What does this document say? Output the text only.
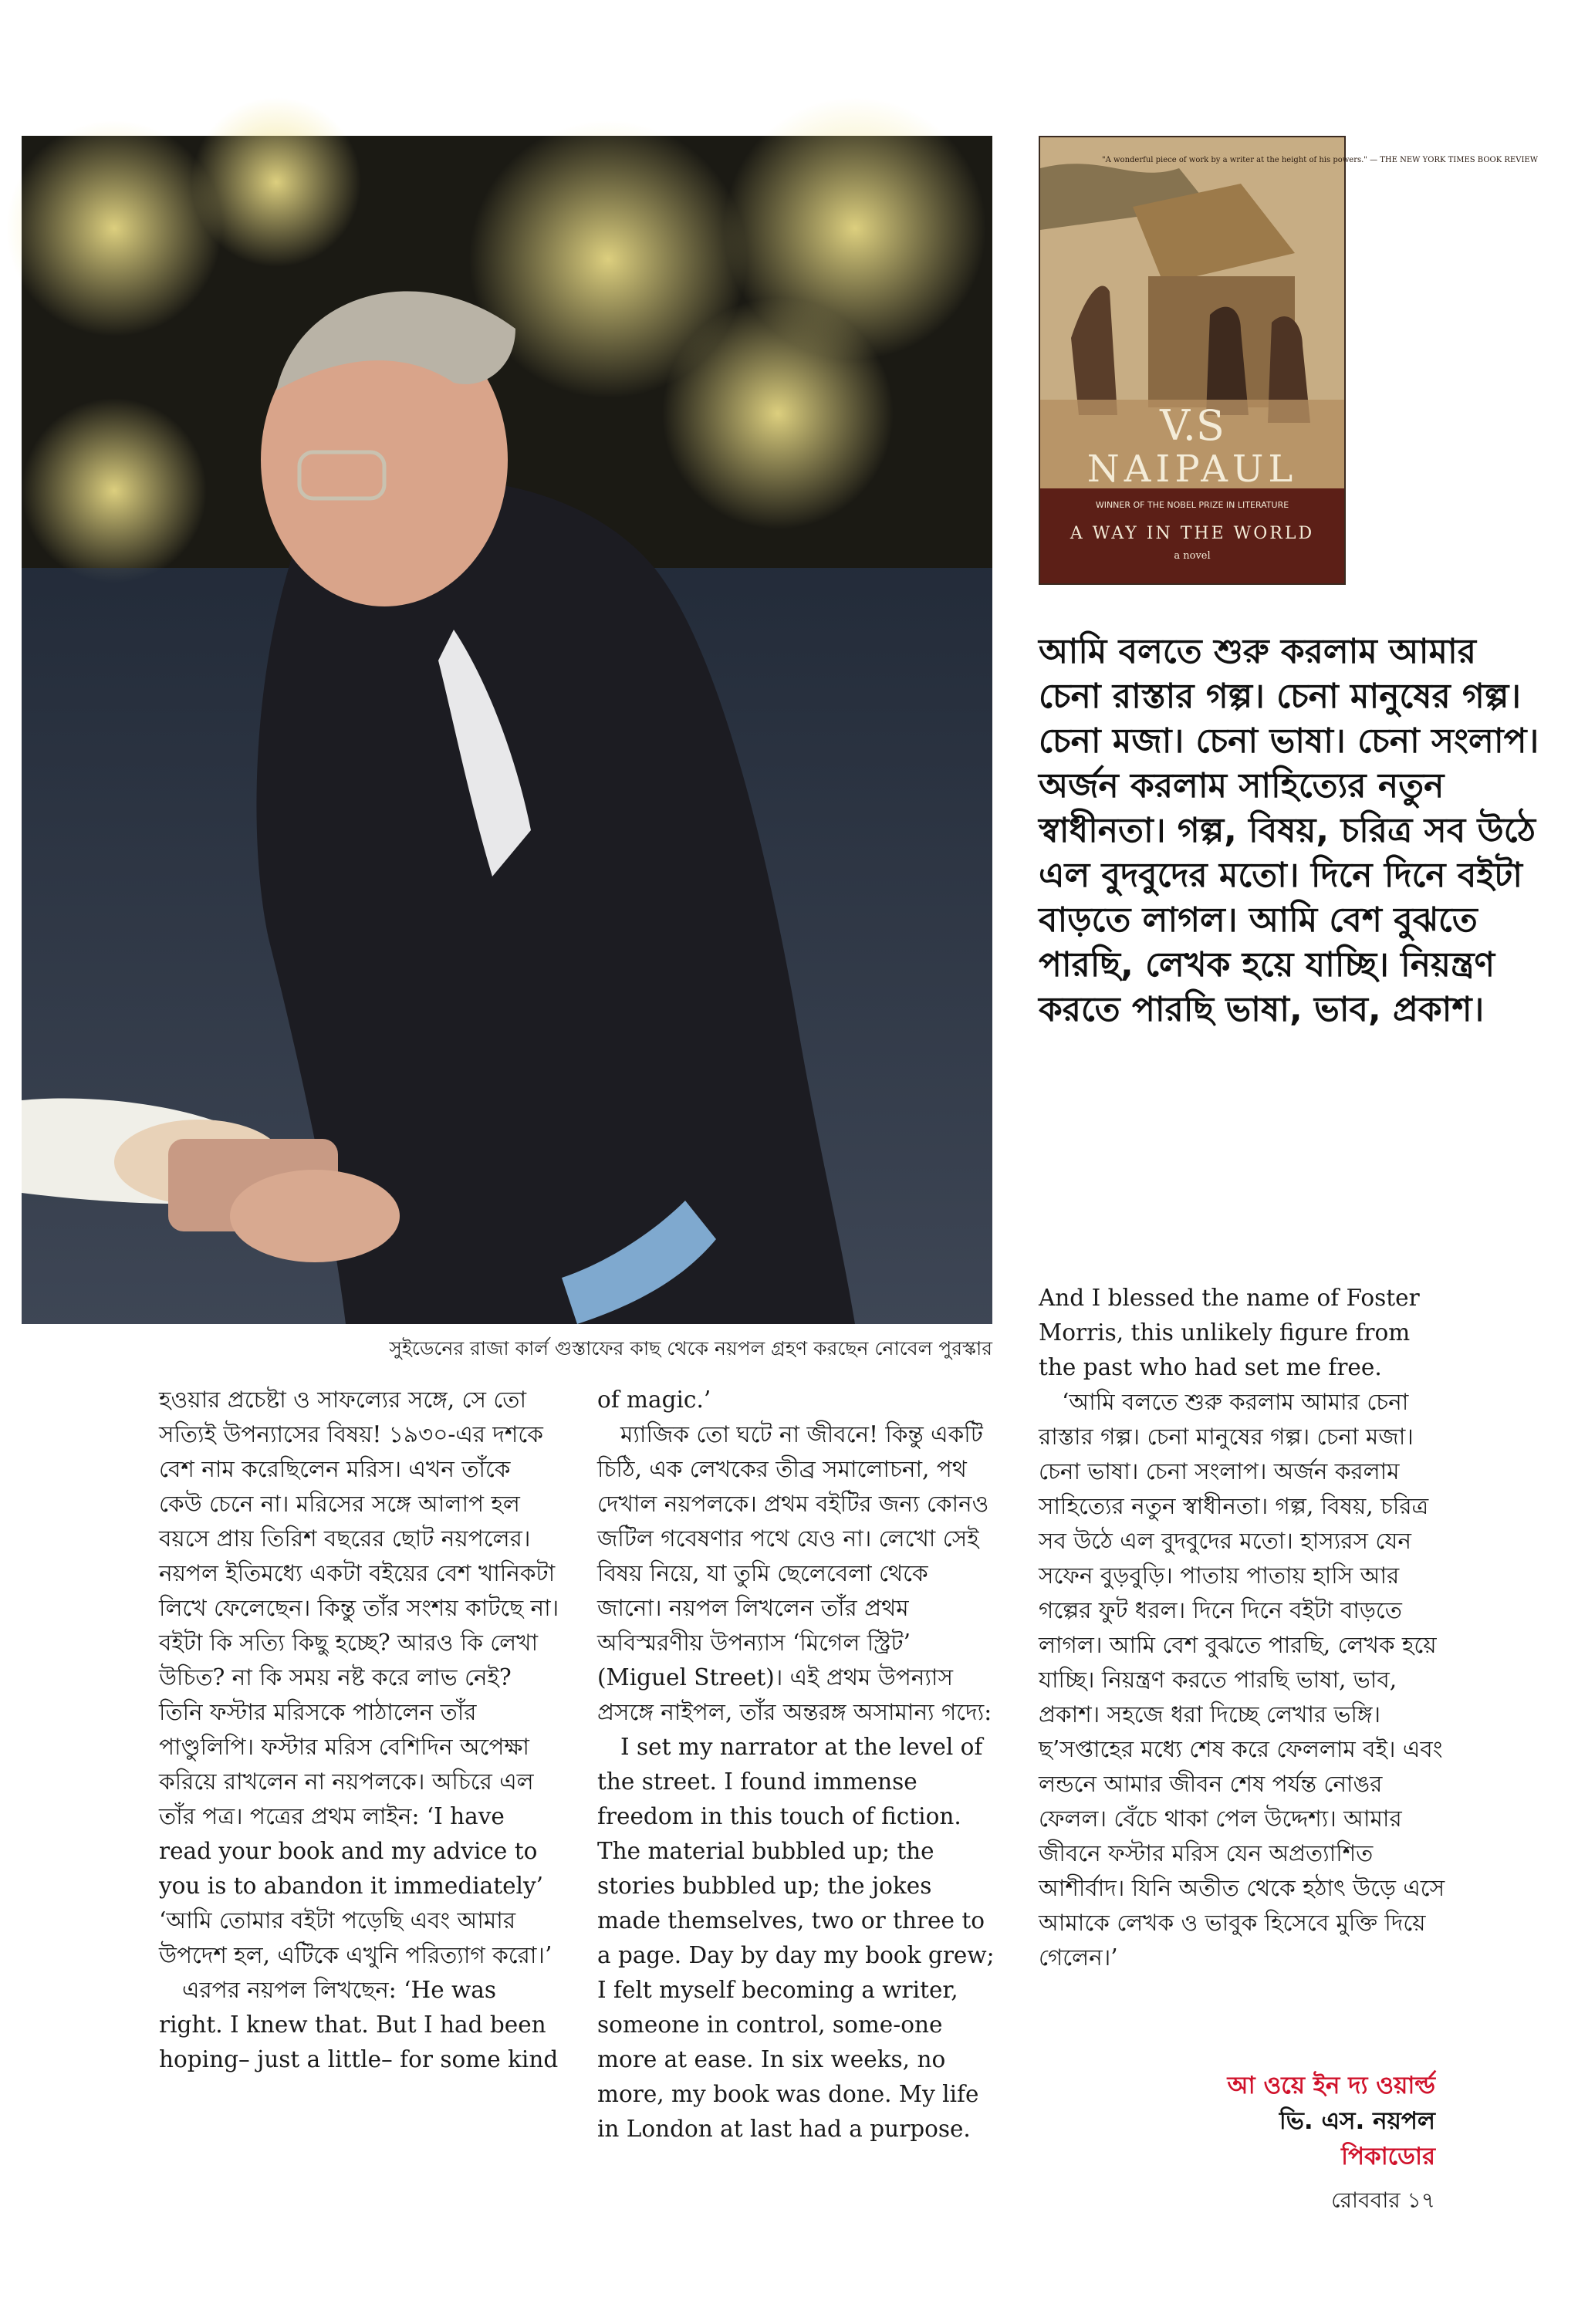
"A wonderful piece of work by a writer at the height of his powers." — THE NEW YORK TIMES BOOK REVIEW
V.S
NAIPAUL
WINNER OF THE NOBEL PRIZE IN LITERATURE
A WAY IN THE WORLD
a novel
আমি বলতে শুরু করলাম আমার চেনা রাস্তার গল্প। চেনা মানুষের গল্প। চেনা মজা। চেনা ভাষা। চেনা সংলাপ। অর্জন করলাম সাহিত্যের নতুন স্বাধীনতা। গল্প, বিষয়, চরিত্র সব উঠে এল বুদবুদের মতো। দিনে দিনে বইটা বাড়তে লাগল। আমি বেশ বুঝতে পারছি, লেখক হয়ে যাচ্ছি। নিয়ন্ত্রণ করতে পারছি ভাষা, ভাব, প্রকাশ।
সুইডেনের রাজা কার্ল গুস্তাফের কাছ থেকে নয়পল গ্রহণ করছেন নোবেল পুরস্কার

হওয়ার প্রচেষ্টা ও সাফল্যের সঙ্গে, সে তো সত্যিই উপন্যাসের বিষয়! ১৯৩০-এর দশকে বেশ নাম করেছিলেন মরিস। এখন তাঁকে কেউ চেনে না। মরিসের সঙ্গে আলাপ হল বয়সে প্রায় তিরিশ বছরের ছোট নয়পলের। নয়পল ইতিমধ্যে একটা বইয়ের বেশ খানিকটা লিখে ফেলেছেন। কিন্তু তাঁর সংশয় কাটছে না। বইটা কি সত্যি কিছু হচ্ছে? আরও কি লেখা উচিত? না কি সময় নষ্ট করে লাভ নেই? তিনি ফস্টার মরিসকে পাঠালেন তাঁর পাণ্ডুলিপি। ফস্টার মরিস বেশিদিন অপেক্ষা করিয়ে রাখলেন না নয়পলকে। অচিরে এল তাঁর পত্র। পত্রের প্রথম লাইন: ‘I have read your book and my advice to you is to abandon it immediately’ ‘আমি তোমার বইটা পড়েছি এবং আমার উপদেশ হল, এটিকে এখুনি পরিত্যাগ করো।’

এরপর নয়পল লিখছেন: ‘He was right. I knew that. But I had been hoping– just a little– for some kind

of magic.’

ম্যাজিক তো ঘটে না জীবনে! কিন্তু একটি চিঠি, এক লেখকের তীব্র সমালোচনা, পথ দেখাল নয়পলকে। প্রথম বইটির জন্য কোনও জটিল গবেষণার পথে যেও না। লেখো সেই বিষয় নিয়ে, যা তুমি ছেলেবেলা থেকে জানো। নয়পল লিখলেন তাঁর প্রথম অবিস্মরণীয় উপন্যাস ‘মিগেল স্ট্রিট’ (Miguel Street)। এই প্রথম উপন্যাস প্রসঙ্গে নাইপল, তাঁর অন্তরঙ্গ অসামান্য গদ্যে:

I set my narrator at the level of the street. I found immense freedom in this touch of fiction. The material bubbled up; the stories bubbled up; the jokes made themselves, two or three to a page. Day by day my book grew; I felt myself becoming a writer, someone in control, some-one more at ease. In six weeks, no more, my book was done. My life in London at last had a purpose.

And I blessed the name of Foster Morris, this unlikely figure from the past who had set me free.

‘আমি বলতে শুরু করলাম আমার চেনা রাস্তার গল্প। চেনা মানুষের গল্প। চেনা মজা। চেনা ভাষা। চেনা সংলাপ। অর্জন করলাম সাহিত্যের নতুন স্বাধীনতা। গল্প, বিষয়, চরিত্র সব উঠে এল বুদবুদের মতো। হাস্যরস যেন সফেন বুড়বুড়ি। পাতায় পাতায় হাসি আর গল্পের ফুট ধরল। দিনে দিনে বইটা বাড়তে লাগল। আমি বেশ বুঝতে পারছি, লেখক হয়ে যাচ্ছি। নিয়ন্ত্রণ করতে পারছি ভাষা, ভাব, প্রকাশ। সহজে ধরা দিচ্ছে লেখার ভঙ্গি। ছ’সপ্তাহের মধ্যে শেষ করে ফেললাম বই। এবং লন্ডনে আমার জীবন শেষ পর্যন্ত নোঙর ফেলল। বেঁচে থাকা পেল উদ্দেশ্য। আমার জীবনে ফস্টার মরিস যেন অপ্রত্যাশিত আশীর্বাদ। যিনি অতীত থেকে হঠাৎ উড়ে এসে আমাকে লেখক ও ভাবুক হিসেবে মুক্তি দিয়ে গেলেন।’

আ ওয়ে ইন দ্য ওয়ার্ল্ড
ভি. এস. নয়পল
পিকাডোর
রোববার ১৭
